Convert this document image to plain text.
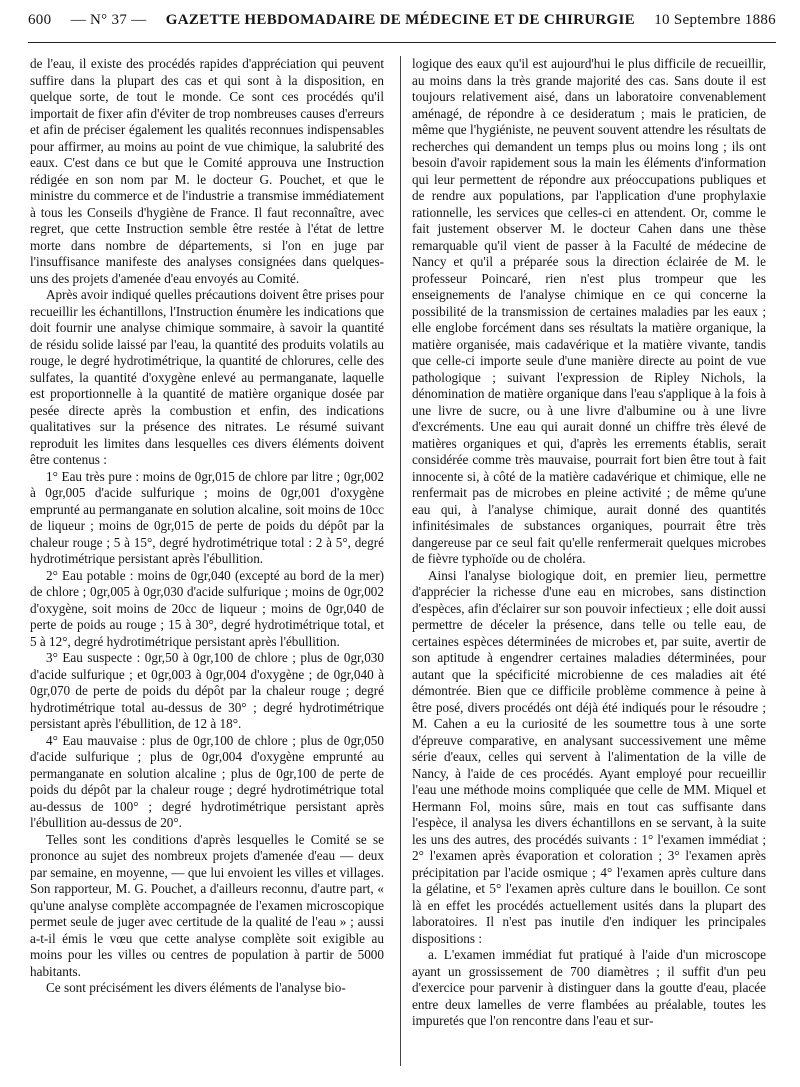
600 — N° 37 — GAZETTE HEBDOMADAIRE DE MÉDECINE ET DE CHIRURGIE 10 Septembre 1886

de l'eau, il existe des procédés rapides d'appréciation qui peuvent suffire dans la plupart des cas et qui sont à la disposition, en quelque sorte, de tout le monde. Ce sont ces procédés qu'il importait de fixer afin d'éviter de trop nombreuses causes d'erreurs et afin de préciser également les qualités reconnues indispensables pour affirmer, au moins au point de vue chimique, la salubrité des eaux. C'est dans ce but que le Comité approuva une Instruction rédigée en son nom par M. le docteur G. Pouchet, et que le ministre du commerce et de l'industrie a transmise immédiatement à tous les Conseils d'hygiène de France. Il faut reconnaître, avec regret, que cette Instruction semble être restée à l'état de lettre morte dans nombre de départements, si l'on en juge par l'insuffisance manifeste des analyses consignées dans quelques-uns des projets d'amenée d'eau envoyés au Comité.

Après avoir indiqué quelles précautions doivent être prises pour recueillir les échantillons, l'Instruction énumère les indications que doit fournir une analyse chimique sommaire, à savoir la quantité de résidu solide laissé par l'eau, la quantité des produits volatils au rouge, le degré hydrotimétrique, la quantité de chlorures, celle des sulfates, la quantité d'oxygène enlevé au permanganate, laquelle est proportionnelle à la quantité de matière organique dosée par pesée directe après la combustion et enfin, des indications qualitatives sur la présence des nitrates. Le résumé suivant reproduit les limites dans lesquelles ces divers éléments doivent être contenus :

1° Eau très pure : moins de 0gr,015 de chlore par litre ; 0gr,002 à 0gr,005 d'acide sulfurique ; moins de 0gr,001 d'oxygène emprunté au permanganate en solution alcaline, soit moins de 10cc de liqueur ; moins de 0gr,015 de perte de poids du dépôt par la chaleur rouge ; 5 à 15°, degré hydrotimétrique total : 2 à 5°, degré hydrotimétrique persistant après l'ébullition.

2° Eau potable : moins de 0gr,040 (excepté au bord de la mer) de chlore ; 0gr,005 à 0gr,030 d'acide sulfurique ; moins de 0gr,002 d'oxygène, soit moins de 20cc de liqueur ; moins de 0gr,040 de perte de poids au rouge ; 15 à 30°, degré hydrotimétrique total, et 5 à 12°, degré hydrotimétrique persistant après l'ébullition.

3° Eau suspecte : 0gr,50 à 0gr,100 de chlore ; plus de 0gr,030 d'acide sulfurique ; et 0gr,003 à 0gr,004 d'oxygène ; de 0gr,040 à 0gr,070 de perte de poids du dépôt par la chaleur rouge ; degré hydrotimétrique total au-dessus de 30° ; degré hydrotimétrique persistant après l'ébullition, de 12 à 18°.

4° Eau mauvaise : plus de 0gr,100 de chlore ; plus de 0gr,050 d'acide sulfurique ; plus de 0gr,004 d'oxygène emprunté au permanganate en solution alcaline ; plus de 0gr,100 de perte de poids du dépôt par la chaleur rouge ; degré hydrotimétrique total au-dessus de 100° ; degré hydrotimétrique persistant après l'ébullition au-dessus de 20°.

Telles sont les conditions d'après lesquelles le Comité se se prononce au sujet des nombreux projets d'amenée d'eau — deux par semaine, en moyenne, — que lui envoient les villes et villages. Son rapporteur, M. G. Pouchet, a d'ailleurs reconnu, d'autre part, « qu'une analyse complète accompagnée de l'examen microscopique permet seule de juger avec certitude de la qualité de l'eau » ; aussi a-t-il émis le vœu que cette analyse complète soit exigible au moins pour les villes ou centres de population à partir de 5000 habitants.

Ce sont précisément les divers éléments de l'analyse bio-

logique des eaux qu'il est aujourd'hui le plus difficile de recueillir, au moins dans la très grande majorité des cas. Sans doute il est toujours relativement aisé, dans un laboratoire convenablement aménagé, de répondre à ce desideratum ; mais le praticien, de même que l'hygiéniste, ne peuvent souvent attendre les résultats de recherches qui demandent un temps plus ou moins long ; ils ont besoin d'avoir rapidement sous la main les éléments d'information qui leur permettent de répondre aux préoccupations publiques et de rendre aux populations, par l'application d'une prophylaxie rationnelle, les services que celles-ci en attendent. Or, comme le fait justement observer M. le docteur Cahen dans une thèse remarquable qu'il vient de passer à la Faculté de médecine de Nancy et qu'il a préparée sous la direction éclairée de M. le professeur Poincaré, rien n'est plus trompeur que les enseignements de l'analyse chimique en ce qui concerne la possibilité de la transmission de certaines maladies par les eaux ; elle englobe forcément dans ses résultats la matière organique, la matière organisée, mais cadavérique et la matière vivante, tandis que celle-ci importe seule d'une manière directe au point de vue pathologique ; suivant l'expression de Ripley Nichols, la dénomination de matière organique dans l'eau s'applique à la fois à une livre de sucre, ou à une livre d'albumine ou à une livre d'excréments. Une eau qui aurait donné un chiffre très élevé de matières organiques et qui, d'après les errements établis, serait considérée comme très mauvaise, pourrait fort bien être tout à fait innocente si, à côté de la matière cadavérique et chimique, elle ne renfermait pas de microbes en pleine activité ; de même qu'une eau qui, à l'analyse chimique, aurait donné des quantités infinitésimales de substances organiques, pourrait être très dangereuse par ce seul fait qu'elle renfermerait quelques microbes de fièvre typhoïde ou de choléra.

Ainsi l'analyse biologique doit, en premier lieu, permettre d'apprécier la richesse d'une eau en microbes, sans distinction d'espèces, afin d'éclairer sur son pouvoir infectieux ; elle doit aussi permettre de déceler la présence, dans telle ou telle eau, de certaines espèces déterminées de microbes et, par suite, avertir de son aptitude à engendrer certaines maladies déterminées, pour autant que la spécificité microbienne de ces maladies ait été démontrée. Bien que ce difficile problème commence à peine à être posé, divers procédés ont déjà été indiqués pour le résoudre ; M. Cahen a eu la curiosité de les soumettre tous à une sorte d'épreuve comparative, en analysant successivement une même série d'eaux, celles qui servent à l'alimentation de la ville de Nancy, à l'aide de ces procédés. Ayant employé pour recueillir l'eau une méthode moins compliquée que celle de MM. Miquel et Hermann Fol, moins sûre, mais en tout cas suffisante dans l'espèce, il analysa les divers échantillons en se servant, à la suite les uns des autres, des procédés suivants : 1° l'examen immédiat ; 2° l'examen après évaporation et coloration ; 3° l'examen après précipitation par l'acide osmique ; 4° l'examen après culture dans la gélatine, et 5° l'examen après culture dans le bouillon. Ce sont là en effet les procédés actuellement usités dans la plupart des laboratoires. Il n'est pas inutile d'en indiquer les principales dispositions :

a. L'examen immédiat fut pratiqué à l'aide d'un microscope ayant un grossissement de 700 diamètres ; il suffit d'un peu d'exercice pour parvenir à distinguer dans la goutte d'eau, placée entre deux lamelles de verre flambées au préalable, toutes les impuretés que l'on rencontre dans l'eau et sur-
